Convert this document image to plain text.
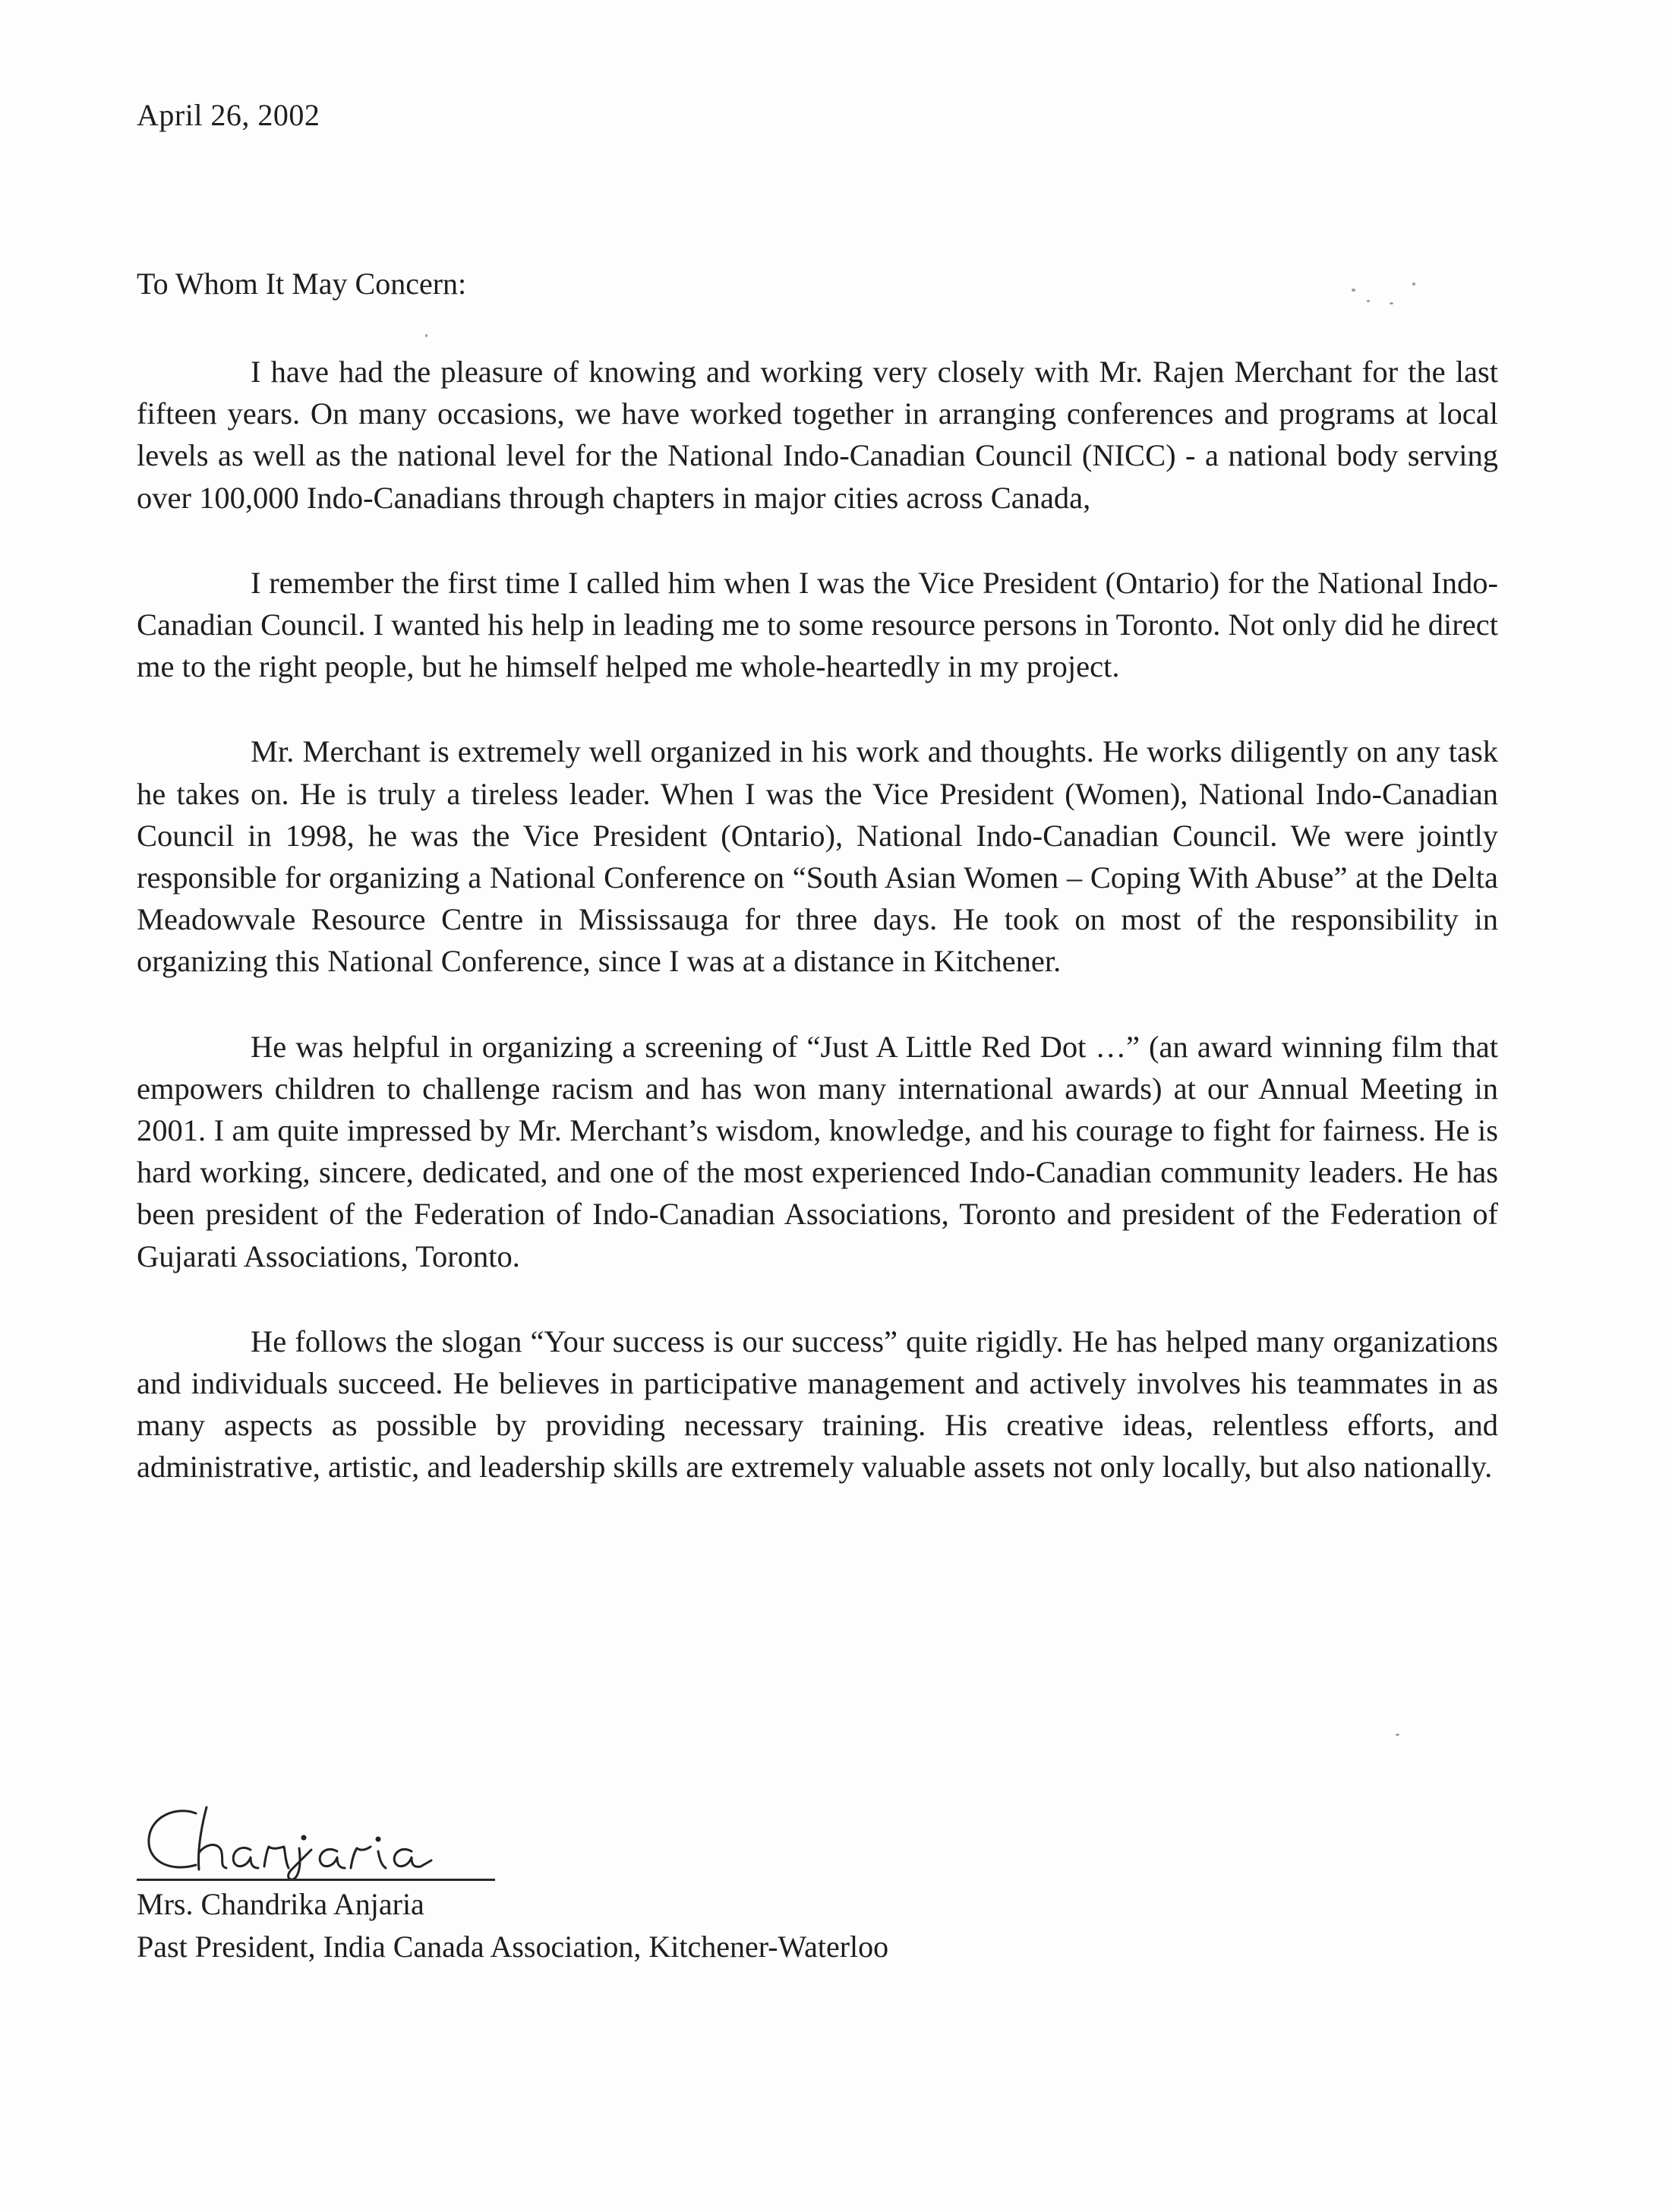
April 26, 2002
To Whom It May Concern:

I have had the pleasure of knowing and working very closely with Mr. Rajen Merchant for the last fifteen years. On many occasions, we have worked together in arranging conferences and programs at local levels as well as the national level for the National Indo-Canadian Council (NICC) - a national body serving over 100,000 Indo-Canadians through chapters in major cities across Canada,

I remember the first time I called him when I was the Vice President (Ontario) for the National Indo-Canadian Council. I wanted his help in leading me to some resource persons in Toronto. Not only did he direct me to the right people, but he himself helped me whole-heartedly in my project.

Mr. Merchant is extremely well organized in his work and thoughts. He works diligently on any task he takes on. He is truly a tireless leader. When I was the Vice President (Women), National Indo-Canadian Council in 1998, he was the Vice President (Ontario), National Indo-Canadian Council. We were jointly responsible for organizing a National Conference on “South Asian Women – Coping With Abuse” at the Delta Meadowvale Resource Centre in Mississauga for three days. He took on most of the responsibility in organizing this National Conference, since I was at a distance in Kitchener.

He was helpful in organizing a screening of “Just A Little Red Dot …” (an award winning film that empowers children to challenge racism and has won many international awards) at our Annual Meeting in 2001. I am quite impressed by Mr. Merchant’s wisdom, knowledge, and his courage to fight for fairness. He is hard working, sincere, dedicated, and one of the most experienced Indo-Canadian community leaders. He has been president of the Federation of Indo-Canadian Associations, Toronto and president of the Federation of Gujarati Associations, Toronto.

He follows the slogan “Your success is our success” quite rigidly. He has helped many organizations and individuals succeed. He believes in participative management and actively involves his teammates in as many aspects as possible by providing necessary training. His creative ideas, relentless efforts, and administrative, artistic, and leadership skills are extremely valuable assets not only locally, but also nationally.

Mrs. Chandrika Anjaria
Past President, India Canada Association, Kitchener-Waterloo
